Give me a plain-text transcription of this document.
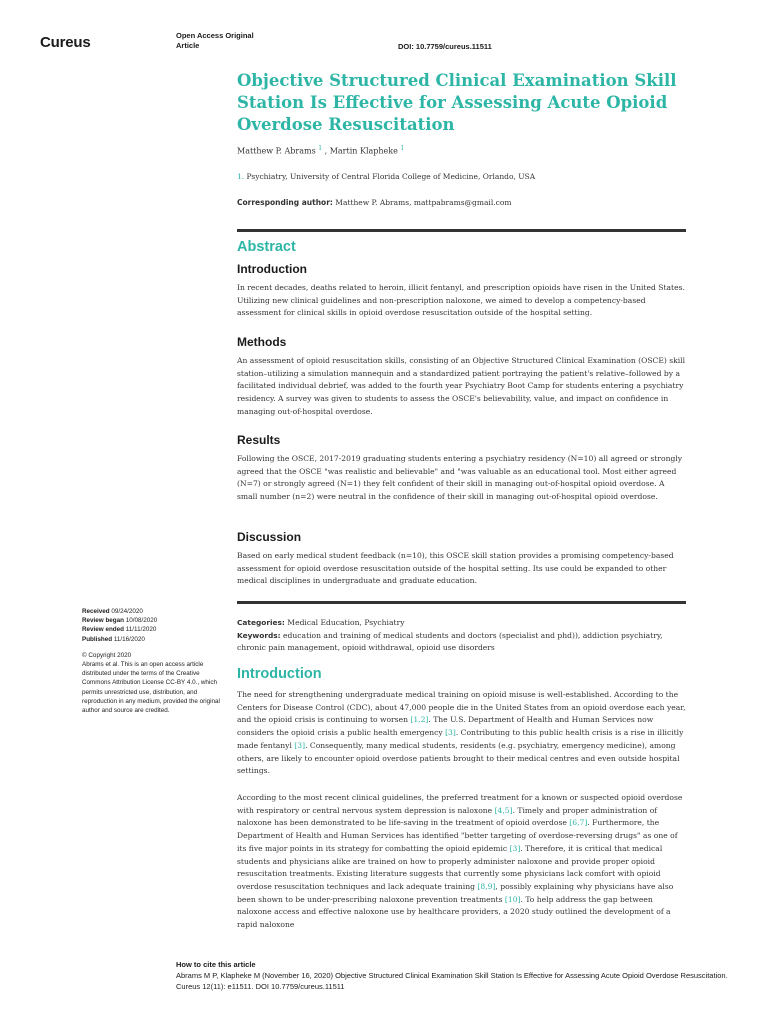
Cureus	Open Access Original
Article	DOI: 10.7759/cureus.11511
Objective Structured Clinical Examination Skill Station Is Effective for Assessing Acute Opioid Overdose Resuscitation
Matthew P. Abrams $^1$ , Martin Klapheke $^1$
1. Psychiatry, University of Central Florida College of Medicine, Orlando, USA
Corresponding author: Matthew P. Abrams, mattpabrams@gmail.com
Abstract
Introduction

In recent decades, deaths related to heroin, illicit fentanyl, and prescription opioids have risen in the United States. Utilizing new clinical guidelines and non-prescription naloxone, we aimed to develop a competency-based assessment for clinical skills in opioid overdose resuscitation outside of the hospital setting.

Methods

An assessment of opioid resuscitation skills, consisting of an Objective Structured Clinical Examination (OSCE) skill station–utilizing a simulation mannequin and a standardized patient portraying the patient's relative–followed by a facilitated individual debrief, was added to the fourth year Psychiatry Boot Camp for students entering a psychiatry residency. A survey was given to students to assess the OSCE's believability, value, and impact on confidence in managing out-of-hospital overdose.

Results

Following the OSCE, 2017-2019 graduating students entering a psychiatry residency (N=10) all agreed or strongly agreed that the OSCE "was realistic and believable" and "was valuable as an educational tool. Most either agreed (N=7) or strongly agreed (N=1) they felt confident of their skill in managing out-of-hospital opioid overdose. A small number (n=2) were neutral in the confidence of their skill in managing out-of-hospital opioid overdose.

Discussion

Based on early medical student feedback (n=10), this OSCE skill station provides a promising competency-based assessment for opioid overdose resuscitation outside of the hospital setting. Its use could be expanded to other medical disciplines in undergraduate and graduate education.

Received 09/24/2020
Review began 10/08/2020
Review ended 11/11/2020
Published 11/16/2020
© Copyright 2020
Abrams et al. This is an open access article distributed under the terms of the Creative Commons Attribution License CC-BY 4.0., which permits unrestricted use, distribution, and reproduction in any medium, provided the original author and source are credited.
Categories: Medical Education, Psychiatry
Keywords: education and training of medical students and doctors (specialist and phd)), addiction psychiatry, chronic pain management, opioid withdrawal, opioid use disorders
Introduction

The need for strengthening undergraduate medical training on opioid misuse is well-established. According to the Centers for Disease Control (CDC), about 47,000 people die in the United States from an opioid overdose each year, and the opioid crisis is continuing to worsen [1,2]. The U.S. Department of Health and Human Services now considers the opioid crisis a public health emergency [3]. Contributing to this public health crisis is a rise in illicitly made fentanyl [3]. Consequently, many medical students, residents (e.g. psychiatry, emergency medicine), among others, are likely to encounter opioid overdose patients brought to their medical centres and even outside hospital settings.

According to the most recent clinical guidelines, the preferred treatment for a known or suspected opioid overdose with respiratory or central nervous system depression is naloxone [4,5]. Timely and proper administration of naloxone has been demonstrated to be life-saving in the treatment of opioid overdose [6,7]. Furthermore, the Department of Health and Human Services has identified "better targeting of overdose-reversing drugs" as one of its five major points in its strategy for combatting the opioid epidemic [3]. Therefore, it is critical that medical students and physicians alike are trained on how to properly administer naloxone and provide proper opioid resuscitation treatments. Existing literature suggests that currently some physicians lack comfort with opioid overdose resuscitation techniques and lack adequate training [8,9], possibly explaining why physicians have also been shown to be under-prescribing naloxone prevention treatments [10]. To help address the gap between naloxone access and effective naloxone use by healthcare providers, a 2020 study outlined the development of a rapid naloxone

How to cite this article
Abrams M P, Klapheke M (November 16, 2020) Objective Structured Clinical Examination Skill Station Is Effective for Assessing Acute Opioid Overdose Resuscitation. Cureus 12(11): e11511. DOI 10.7759/cureus.11511
